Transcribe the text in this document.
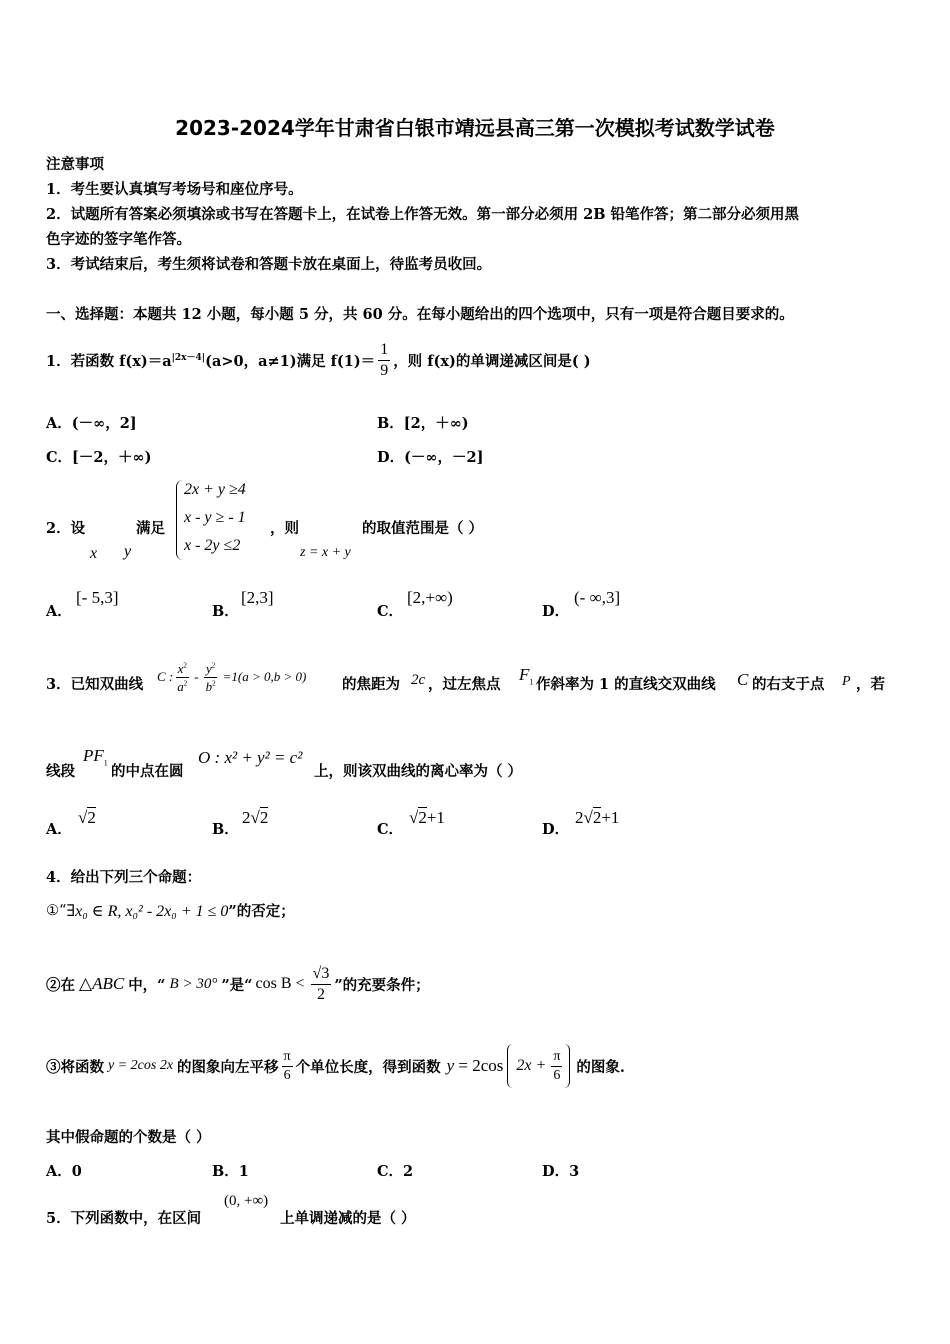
2023-2024学年甘肃省白银市靖远县高三第一次模拟考试数学试卷
注意事项
1．考生要认真填写考场号和座位序号。
2．试题所有答案必须填涂或书写在答题卡上，在试卷上作答无效。第一部分必须用 2B 铅笔作答；第二部分必须用黑
色字迹的签字笔作答。
3．考试结束后，考生须将试卷和答题卡放在桌面上，待监考员收回。
一、选择题：本题共 12 小题，每小题 5 分，共 60 分。在每小题给出的四个选项中，只有一项是符合题目要求的。
1．若函数 $f(x)=a^{|2x-4|}$ (a>0，a≠1)满足 $f(1)= \frac{1}{9}$ ，则 f(x)的单调递减区间是( )
A．(－∞，2]	B．[2，＋∞)
C．[－2，＋∞)	D．(－∞，－2]
2．设
x y
满足
2x + y ≥4
x - y ≥ - 1
x - 2y ≤2
，则
z = x + y
的取值范围是（ ）
A．
[- 5,3]
B．
[2,3]
C．
[2,+∞)
D．
(- ∞,3]
3．已知双曲线 C : $\frac{x^2}{a^2} - \frac{y^2}{b^2} =1(a > 0,b > 0)$ 的焦距为 2c ，过左焦点
$F_1$ 作斜率为 1 的直线交双曲线 C 的右支于点 P ，若
线段
$PF_1$
的中点在圆
O : x² + y² = c²
上，则该双曲线的离心率为（ ）
A．
√2
B．
2√2
C．
√2+1
D．
2√2+1
4．给出下列三个命题：
①“ ∃x₀ ∈ R, x₀² - 2x₀ + 1 ≤ 0 ”的否定；
②在 △ABC 中，“ B > 30° ”是“ $\cos B < \frac{√3}{2}$ ”的充要条件；
③将函数 y = 2cos 2x 的图象向左平移 $\frac{\pi}{6}$ 个单位长度，得到函数 y = 2cos $2x + \frac{\pi}{6}$ 的图象.
其中假命题的个数是（ ）
A．0	B．1	C．2	D．3
5．下列函数中，在区间
(0, +∞)
上单调递减的是（ ）
